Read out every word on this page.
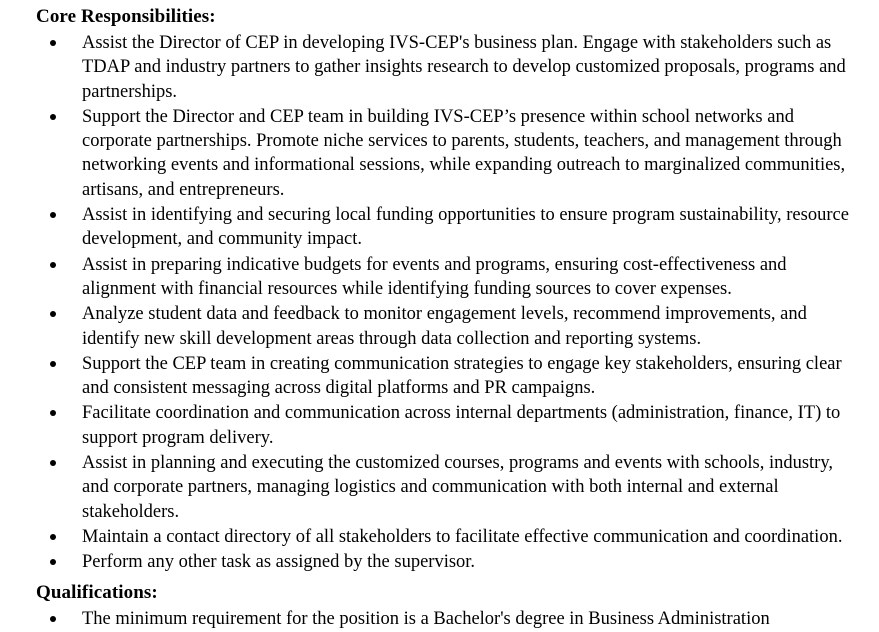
Core Responsibilities:
Assist the Director of CEP in developing IVS-CEP's business plan. Engage with stakeholders such as TDAP and industry partners to gather insights research to develop customized proposals, programs and partnerships.
Support the Director and CEP team in building IVS-CEP’s presence within school networks and corporate partnerships. Promote niche services to parents, students, teachers, and management through networking events and informational sessions, while expanding outreach to marginalized communities, artisans, and entrepreneurs.
Assist in identifying and securing local funding opportunities to ensure program sustainability, resource development, and community impact.
Assist in preparing indicative budgets for events and programs, ensuring cost-effectiveness and alignment with financial resources while identifying funding sources to cover expenses.
Analyze student data and feedback to monitor engagement levels, recommend improvements, and identify new skill development areas through data collection and reporting systems.
Support the CEP team in creating communication strategies to engage key stakeholders, ensuring clear and consistent messaging across digital platforms and PR campaigns.
Facilitate coordination and communication across internal departments (administration, finance, IT) to support program delivery.
Assist in planning and executing the customized courses, programs and events with schools, industry, and corporate partners, managing logistics and communication with both internal and external stakeholders.
Maintain a contact directory of all stakeholders to facilitate effective communication and coordination.
Perform any other task as assigned by the supervisor.
Qualifications:
The minimum requirement for the position is a Bachelor's degree in Business Administration
